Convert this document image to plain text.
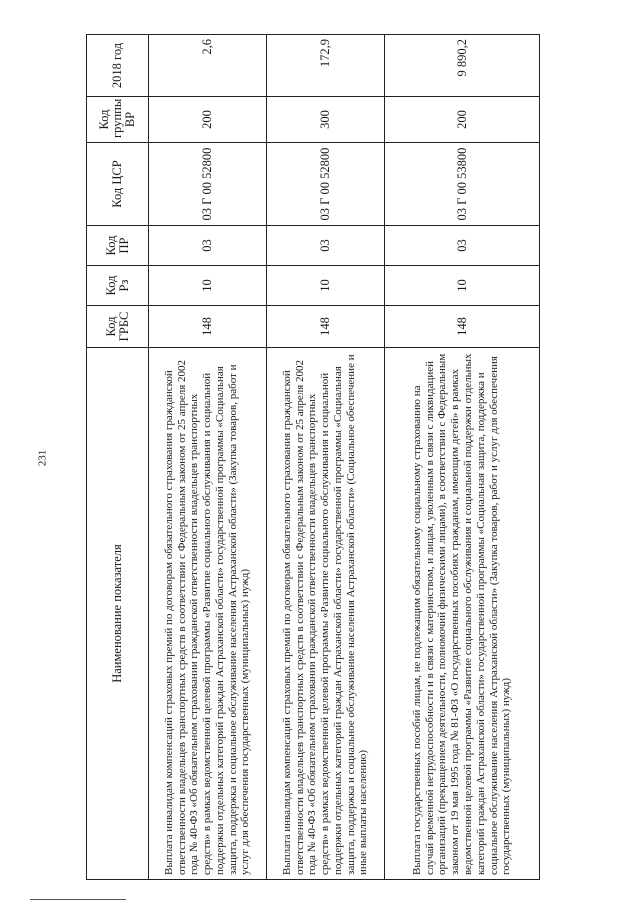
231
Наименование показателя	Код ГРБС	Код Рз	Код ПР	Код ЦСР	Код группы ВР	2018 год
Выплата инвалидам компенсаций страховых премий по договорам обязательного страхования гражданской ответственности владельцев транспортных средств в соответствии с Федеральным законом от 25 апреля 2002 года № 40-ФЗ «Об обязательном страховании гражданской ответственности владельцев транспортных средств» в рамках ведомственной целевой программы «Развитие социального обслуживания и социальной поддержки отдельных категорий граждан Астраханской области» государственной программы «Социальная защита, поддержка и социальное обслуживание населения Астраханской области» (Закупка товаров, работ и услуг для обеспечения государственных (муниципальных) нужд)	148	10	03	03 Г 00 52800	200	2,6
Выплата инвалидам компенсаций страховых премий по договорам обязательного страхования гражданской ответственности владельцев транспортных средств в соответствии с Федеральным законом от 25 апреля 2002 года № 40-ФЗ «Об обязательном страховании гражданской ответственности владельцев транспортных средств» в рамках ведомственной целевой программы «Развитие социального обслуживания и социальной поддержки отдельных категорий граждан Астраханской области» государственной программы «Социальная защита, поддержка и социальное обслуживание населения Астраханской области» (Социальное обеспечение и иные выплаты населению)	148	10	03	03 Г 00 52800	300	172,9
Выплата государственных пособий лицам, не подлежащим обязательному социальному страхованию на случай временной нетрудоспособности и в связи с материнством, и лицам, уволенным в связи с ликвидацией организаций (прекращением деятельности, полномочий физическими лицами), в соответствии с Федеральным законом от 19 мая 1995 года № 81-ФЗ «О государственных пособиях гражданам, имеющим детей» в рамках ведомственной целевой программы «Развитие социального обслуживания и социальной поддержки отдельных категорий граждан Астраханской области» государственной программы «Социальная защита, поддержка и социальное обслуживание населения Астраханской области» (Закупка товаров, работ и услуг для обеспечения государственных (муниципальных) нужд)	148	10	03	03 Г 00 53800	200	9 890,2
